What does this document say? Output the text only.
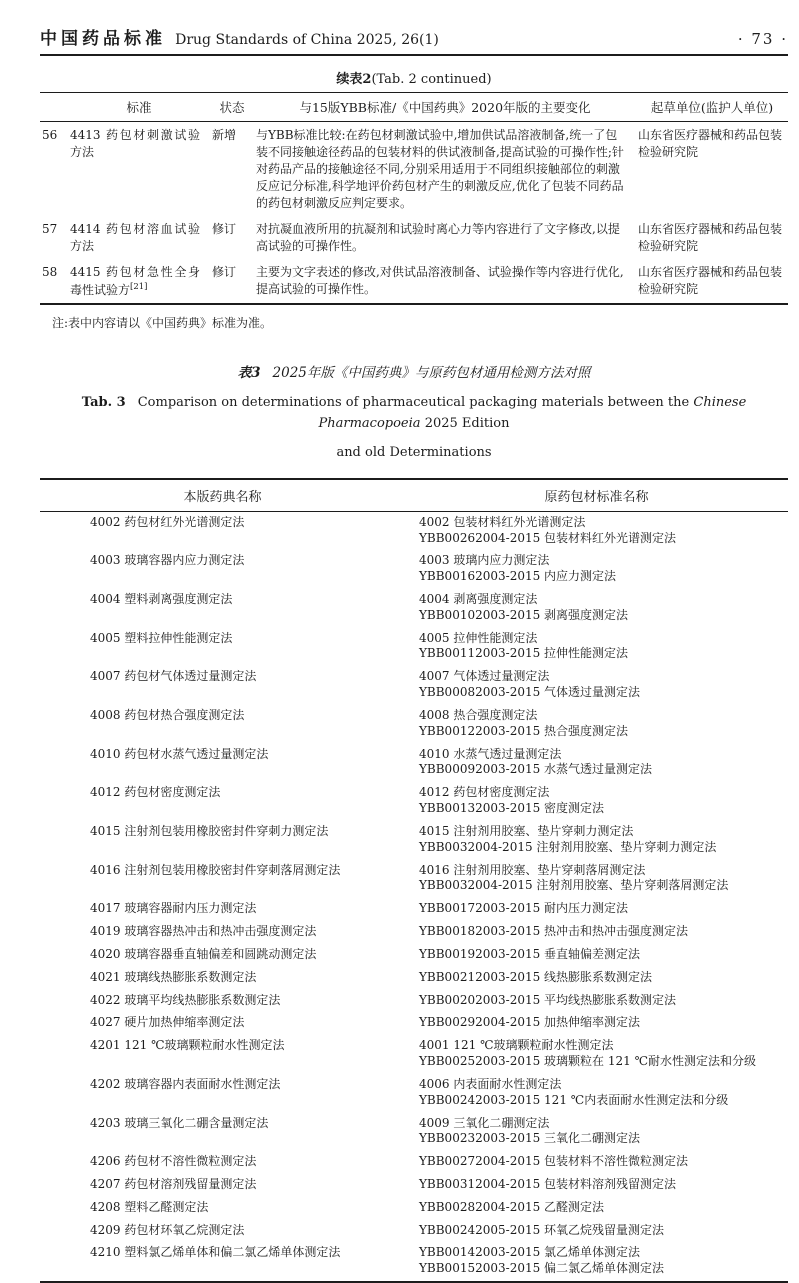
中国药品标准 Drug Standards of China 2025, 26(1)	· 73 ·
续表2(Tab. 2 continued)
	标准	状态	与15版YBB标准/《中国药典》2020年版的主要变化	起草单位(监护人单位)
56	4413 药包材刺激试验方法	新增	与YBB标准比较:在药包材刺激试验中,增加供试品溶液制备,统一了包装不同接触途径药品的包装材料的供试液制备,提高试验的可操作性;针对药品产品的接触途径不同,分别采用适用于不同组织接触部位的刺激反应记分标准,科学地评价药包材产生的刺激反应,优化了包装不同药品的药包材刺激反应判定要求。	山东省医疗器械和药品包装检验研究院
57	4414 药包材溶血试验方法	修订	对抗凝血液所用的抗凝剂和试验时离心力等内容进行了文字修改,以提高试验的可操作性。	山东省医疗器械和药品包装检验研究院
58	4415 药包材急性全身毒性试验方[21]	修订	主要为文字表述的修改,对供试品溶液制备、试验操作等内容进行优化,提高试验的可操作性。	山东省医疗器械和药品包装检验研究院
注:表中内容请以《中国药典》标准为准。
表3 2025年版《中国药典》与原药包材通用检测方法对照
Tab. 3 Comparison on determinations of pharmaceutical packaging materials between the Chinese Pharmacopoeia 2025 Edition
and old Determinations
本版药典名称	原药包材标准名称
4002 药包材红外光谱测定法	4002 包装材料红外光谱测定法
YBB00262004-2015 包装材料红外光谱测定法

4003 玻璃容器内应力测定法	4003 玻璃内应力测定法
YBB00162003-2015 内应力测定法

4004 塑料剥离强度测定法	4004 剥离强度测定法
YBB00102003-2015 剥离强度测定法

4005 塑料拉伸性能测定法	4005 拉伸性能测定法
YBB00112003-2015 拉伸性能测定法

4007 药包材气体透过量测定法	4007 气体透过量测定法
YBB00082003-2015 气体透过量测定法

4008 药包材热合强度测定法	4008 热合强度测定法
YBB00122003-2015 热合强度测定法

4010 药包材水蒸气透过量测定法	4010 水蒸气透过量测定法
YBB00092003-2015 水蒸气透过量测定法

4012 药包材密度测定法	4012 药包材密度测定法
YBB00132003-2015 密度测定法

4015 注射剂包装用橡胶密封件穿刺力测定法	4015 注射剂用胶塞、垫片穿刺力测定法
YBB0032004-2015 注射剂用胶塞、垫片穿刺力测定法

4016 注射剂包装用橡胶密封件穿刺落屑测定法	4016 注射剂用胶塞、垫片穿刺落屑测定法
YBB0032004-2015 注射剂用胶塞、垫片穿刺落屑测定法

4017 玻璃容器耐内压力测定法	YBB00172003-2015 耐内压力测定法

4019 玻璃容器热冲击和热冲击强度测定法	YBB00182003-2015 热冲击和热冲击强度测定法

4020 玻璃容器垂直轴偏差和圆跳动测定法	YBB00192003-2015 垂直轴偏差测定法

4021 玻璃线热膨胀系数测定法	YBB00212003-2015 线热膨胀系数测定法

4022 玻璃平均线热膨胀系数测定法	YBB00202003-2015 平均线热膨胀系数测定法

4027 硬片加热伸缩率测定法	YBB00292004-2015 加热伸缩率测定法

4201 121 ℃玻璃颗粒耐水性测定法	4001 121 ℃玻璃颗粒耐水性测定法
YBB00252003-2015 玻璃颗粒在 121 ℃耐水性测定法和分级

4202 玻璃容器内表面耐水性测定法	4006 内表面耐水性测定法
YBB00242003-2015 121 ℃内表面耐水性测定法和分级

4203 玻璃三氧化二硼含量测定法	4009 三氧化二硼测定法
YBB00232003-2015 三氧化二硼测定法

4206 药包材不溶性微粒测定法	YBB00272004-2015 包装材料不溶性微粒测定法

4207 药包材溶剂残留量测定法	YBB00312004-2015 包装材料溶剂残留测定法

4208 塑料乙醛测定法	YBB00282004-2015 乙醛测定法

4209 药包材环氧乙烷测定法	YBB00242005-2015 环氧乙烷残留量测定法

4210 塑料氯乙烯单体和偏二氯乙烯单体测定法	YBB00142003-2015 氯乙烯单体测定法
YBB00152003-2015 偏二氯乙烯单体测定法
